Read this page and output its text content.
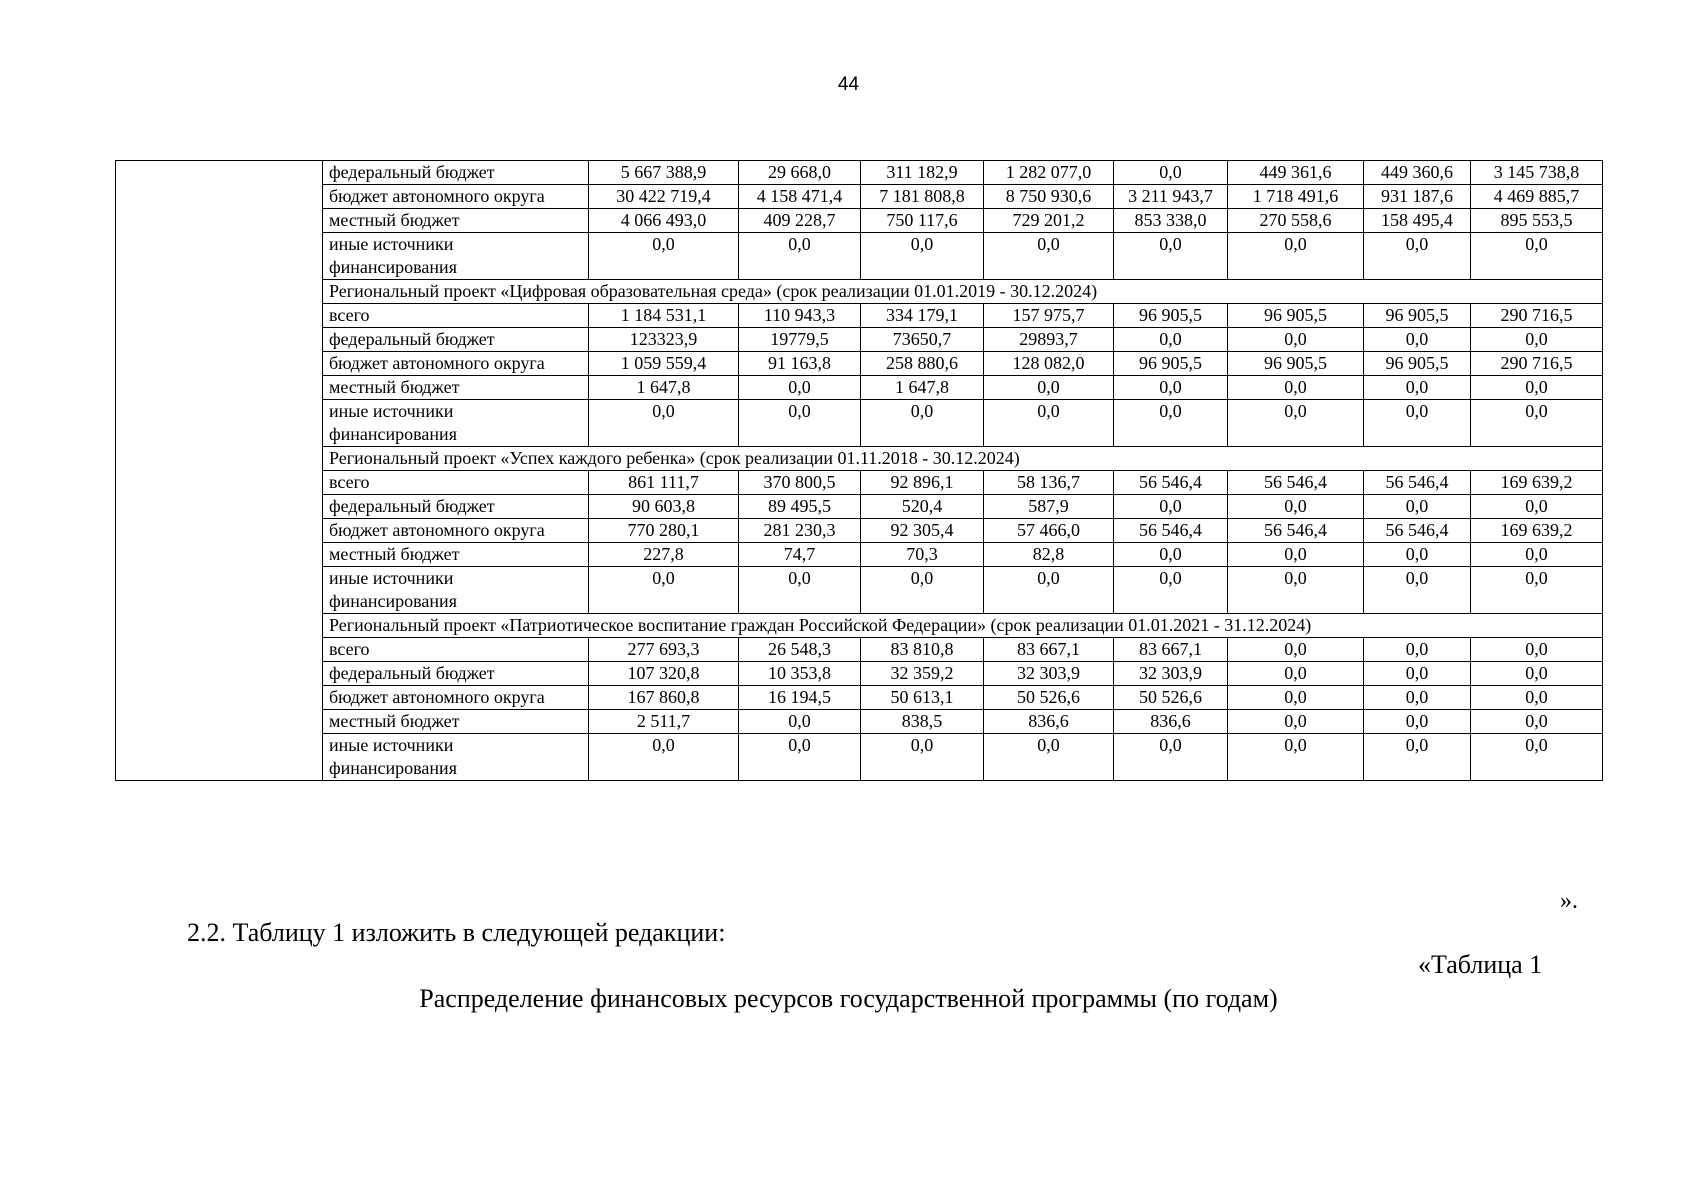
44
	федеральный бюджет	5 667 388,9	29 668,0	311 182,9	1 282 077,0	0,0	449 361,6	449 360,6	3 145 738,8
	бюджет автономного округа	30 422 719,4	4 158 471,4	7 181 808,8	8 750 930,6	3 211 943,7	1 718 491,6	931 187,6	4 469 885,7
	местный бюджет	4 066 493,0	409 228,7	750 117,6	729 201,2	853 338,0	270 558,6	158 495,4	895 553,5
	иные источники финансирования	0,0	0,0	0,0	0,0	0,0	0,0	0,0	0,0
	Региональный проект «Цифровая образовательная среда» (срок реализации 01.01.2019 - 30.12.2024)								
	всего	1 184 531,1	110 943,3	334 179,1	157 975,7	96 905,5	96 905,5	96 905,5	290 716,5
	федеральный бюджет	123323,9	19779,5	73650,7	29893,7	0,0	0,0	0,0	0,0
	бюджет автономного округа	1 059 559,4	91 163,8	258 880,6	128 082,0	96 905,5	96 905,5	96 905,5	290 716,5
	местный бюджет	1 647,8	0,0	1 647,8	0,0	0,0	0,0	0,0	0,0
	иные источники финансирования	0,0	0,0	0,0	0,0	0,0	0,0	0,0	0,0
	Региональный проект «Успех каждого ребенка» (срок реализации 01.11.2018 - 30.12.2024)								
	всего	861 111,7	370 800,5	92 896,1	58 136,7	56 546,4	56 546,4	56 546,4	169 639,2
	федеральный бюджет	90 603,8	89 495,5	520,4	587,9	0,0	0,0	0,0	0,0
	бюджет автономного округа	770 280,1	281 230,3	92 305,4	57 466,0	56 546,4	56 546,4	56 546,4	169 639,2
	местный бюджет	227,8	74,7	70,3	82,8	0,0	0,0	0,0	0,0
	иные источники финансирования	0,0	0,0	0,0	0,0	0,0	0,0	0,0	0,0
	Региональный проект «Патриотическое воспитание граждан Российской Федерации» (срок реализации 01.01.2021 - 31.12.2024)								
	всего	277 693,3	26 548,3	83 810,8	83 667,1	83 667,1	0,0	0,0	0,0
	федеральный бюджет	107 320,8	10 353,8	32 359,2	32 303,9	32 303,9	0,0	0,0	0,0
	бюджет автономного округа	167 860,8	16 194,5	50 613,1	50 526,6	50 526,6	0,0	0,0	0,0
	местный бюджет	2 511,7	0,0	838,5	836,6	836,6	0,0	0,0	0,0
	иные источники финансирования	0,0	0,0	0,0	0,0	0,0	0,0	0,0	0,0
».
2.2. Таблицу 1 изложить в следующей редакции:
«Таблица 1
Распределение финансовых ресурсов государственной программы (по годам)
